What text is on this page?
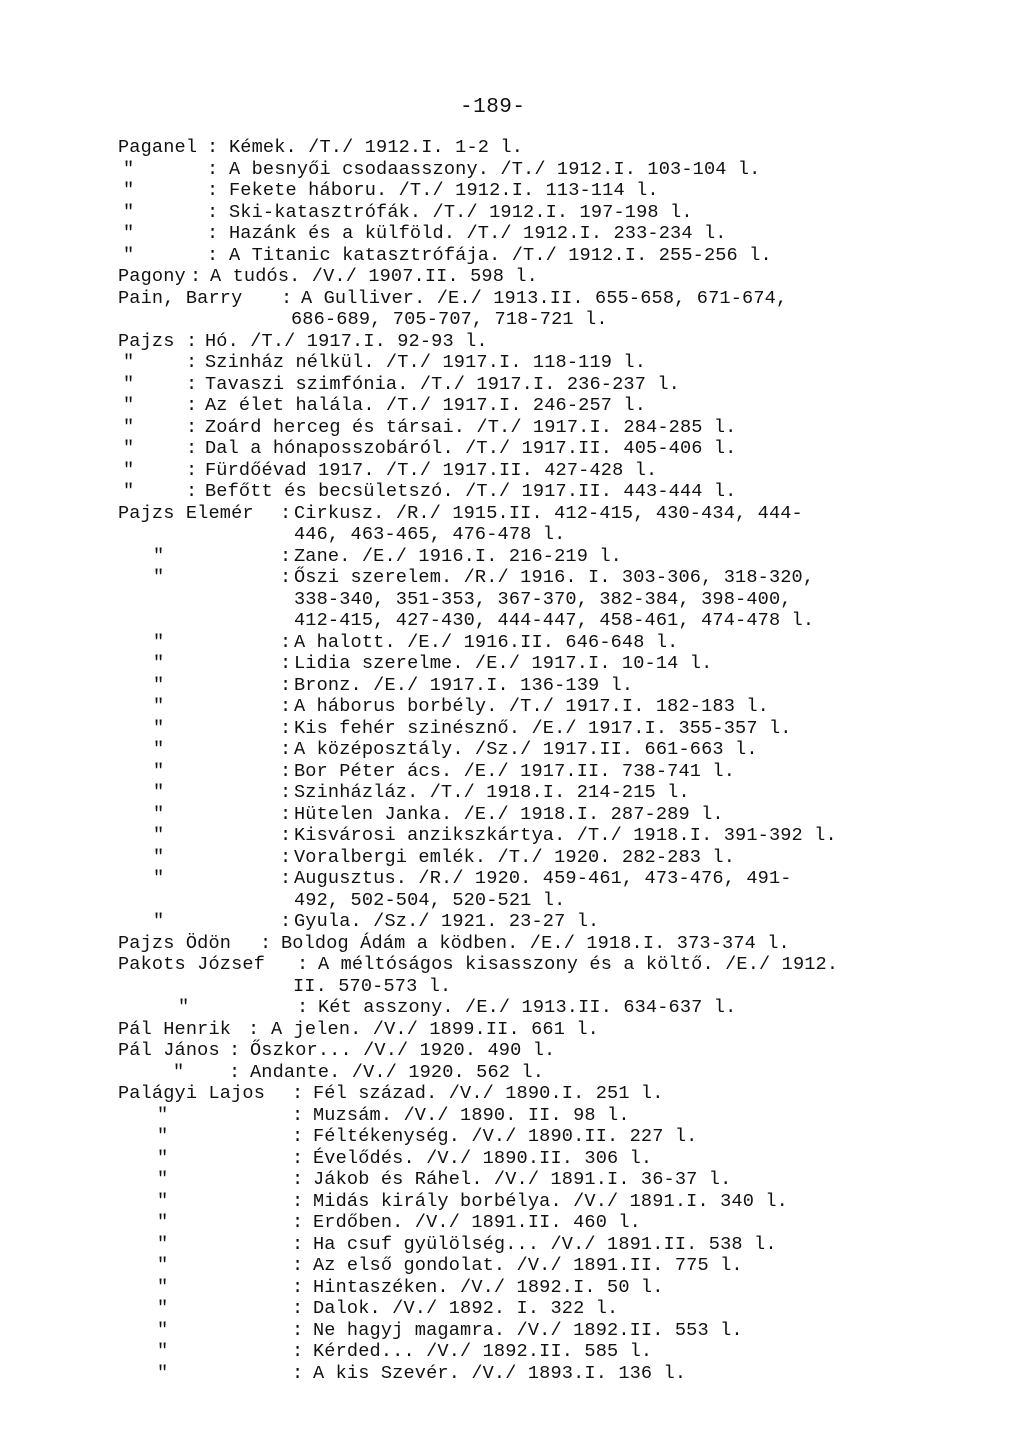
-189-
Paganel : Kémek. /T./ 1912.I. 1-2 l.
"	: A besnyői csodaasszony. /T./ 1912.I. 103-104 l.
"	: Fekete háboru. /T./ 1912.I. 113-114 l.
"	: Ski-katasztrófák. /T./ 1912.I. 197-198 l.
"	: Hazánk és a külföld. /T./ 1912.I. 233-234 l.
"	: A Titanic katasztrófája. /T./ 1912.I. 255-256 l.
Pagony : A tudós. /V./ 1907.II. 598 l.
Pain, Barry : A Gulliver. /E./ 1913.II. 655-658, 671-674,
686-689, 705-707, 718-721 l.
Pajzs : Hó. /T./ 1917.I. 92-93 l.
"	: Szinház nélkül. /T./ 1917.I. 118-119 l.
"	: Tavaszi szimfónia. /T./ 1917.I. 236-237 l.
"	: Az élet halála. /T./ 1917.I. 246-257 l.
"	: Zoárd herceg és társai. /T./ 1917.I. 284-285 l.
"	: Dal a hónaposszobáról. /T./ 1917.II. 405-406 l.
"	: Fürdőévad 1917. /T./ 1917.II. 427-428 l.
"	: Befőtt és becsületszó. /T./ 1917.II. 443-444 l.
Pajzs Elemér : Cirkusz. /R./ 1915.II. 412-415, 430-434, 444-
446, 463-465, 476-478 l.
"	: Zane. /E./ 1916.I. 216-219 l.
"	: Őszi szerelem. /R./ 1916. I. 303-306, 318-320,
338-340, 351-353, 367-370, 382-384, 398-400,
412-415, 427-430, 444-447, 458-461, 474-478 l.
"	: A halott. /E./ 1916.II. 646-648 l.
"	: Lidia szerelme. /E./ 1917.I. 10-14 l.
"	: Bronz. /E./ 1917.I. 136-139 l.
"	: A háborus borbély. /T./ 1917.I. 182-183 l.
"	: Kis fehér szinésznő. /E./ 1917.I. 355-357 l.
"	: A középosztály. /Sz./ 1917.II. 661-663 l.
"	: Bor Péter ács. /E./ 1917.II. 738-741 l.
"	: Szinházláz. /T./ 1918.I. 214-215 l.
"	: Hütelen Janka. /E./ 1918.I. 287-289 l.
"	: Kisvárosi anzikszkártya. /T./ 1918.I. 391-392 l.
"	: Voralbergi emlék. /T./ 1920. 282-283 l.
"	: Augusztus. /R./ 1920. 459-461, 473-476, 491-
492, 502-504, 520-521 l.
"	: Gyula. /Sz./ 1921. 23-27 l.
Pajzs Ödön : Boldog Ádám a ködben. /E./ 1918.I. 373-374 l.
Pakots József : A méltóságos kisasszony és a költő. /E./ 1912.
II. 570-573 l.
"	: Két asszony. /E./ 1913.II. 634-637 l.
Pál Henrik : A jelen. /V./ 1899.II. 661 l.
Pál János : Őszkor... /V./ 1920. 490 l.
" : Andante. /V./ 1920. 562 l.
Palágyi Lajos : Fél század. /V./ 1890.I. 251 l.
"	: Muzsám. /V./ 1890. II. 98 l.
"	: Féltékenység. /V./ 1890.II. 227 l.
"	: Évelődés. /V./ 1890.II. 306 l.
"	: Jákob és Ráhel. /V./ 1891.I. 36-37 l.
"	: Midás király borbélya. /V./ 1891.I. 340 l.
"	: Erdőben. /V./ 1891.II. 460 l.
"	: Ha csuf gyülölség... /V./ 1891.II. 538 l.
"	: Az első gondolat. /V./ 1891.II. 775 l.
"	: Hintaszéken. /V./ 1892.I. 50 l.
"	: Dalok. /V./ 1892. I. 322 l.
"	: Ne hagyj magamra. /V./ 1892.II. 553 l.
"	: Kérded... /V./ 1892.II. 585 l.
"	: A kis Szevér. /V./ 1893.I. 136 l.
